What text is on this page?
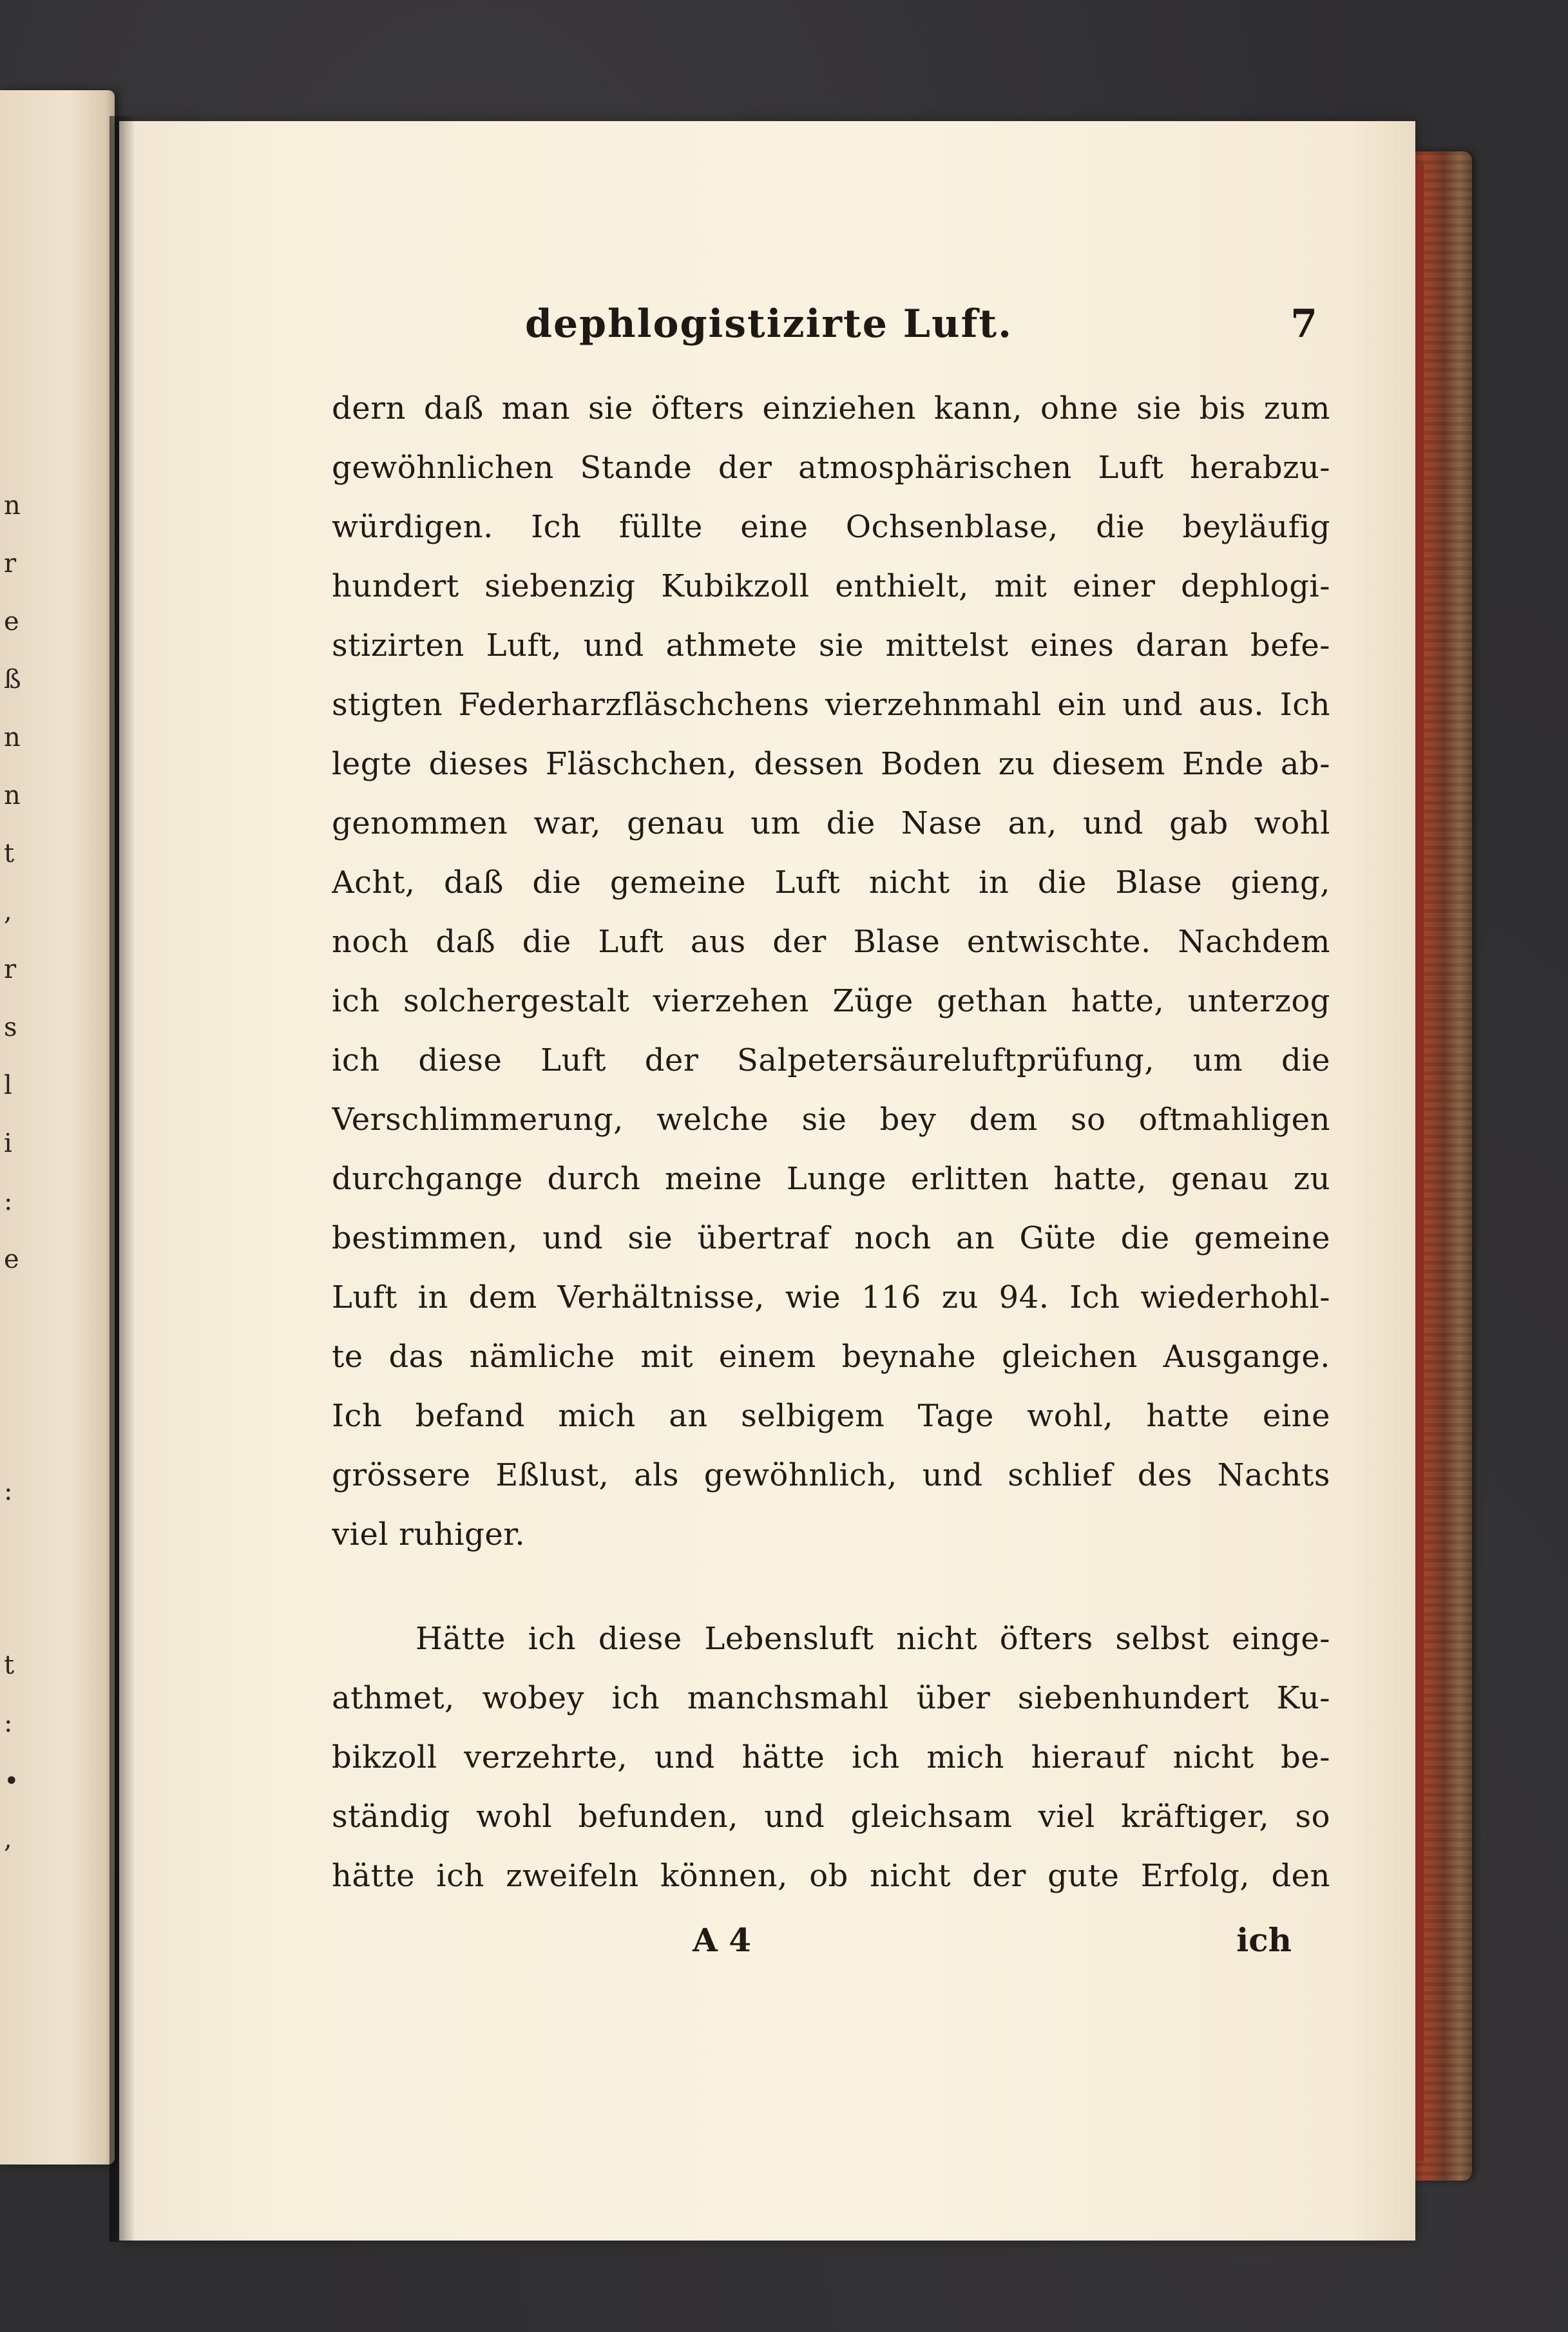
n
r
e
ß
n
n
t
,
r
s
l
i
:
e
:
t
:
•
,
dephlogistizirte Luft.	7
dern daß man sie öfters einziehen kann, ohne sie bis zum
gewöhnlichen Stande der atmosphärischen Luft herabzu-
würdigen. Ich füllte eine Ochsenblase, die beyläufig
hundert siebenzig Kubikzoll enthielt, mit einer dephlogi-
stizirten Luft, und athmete sie mittelst eines daran befe-
stigten Federharzfläschchens vierzehnmahl ein und aus. Ich
legte dieses Fläschchen, dessen Boden zu diesem Ende ab-
genommen war, genau um die Nase an, und gab wohl
Acht, daß die gemeine Luft nicht in die Blase gieng,
noch daß die Luft aus der Blase entwischte. Nachdem
ich solchergestalt vierzehen Züge gethan hatte, unterzog
ich diese Luft der Salpetersäureluftprüfung, um die
Verschlimmerung, welche sie bey dem so oftmahligen
durchgange durch meine Lunge erlitten hatte, genau zu
bestimmen, und sie übertraf noch an Güte die gemeine
Luft in dem Verhältnisse, wie 116 zu 94. Ich wiederhohl-
te das nämliche mit einem beynahe gleichen Ausgange.
Ich befand mich an selbigem Tage wohl, hatte eine
grössere Eßlust, als gewöhnlich, und schlief des Nachts
viel ruhiger.
Hätte ich diese Lebensluft nicht öfters selbst einge-
athmet, wobey ich manchsmahl über siebenhundert Ku-
bikzoll verzehrte, und hätte ich mich hierauf nicht be-
ständig wohl befunden, und gleichsam viel kräftiger, so
hätte ich zweifeln können, ob nicht der gute Erfolg, den
A 4	ich
